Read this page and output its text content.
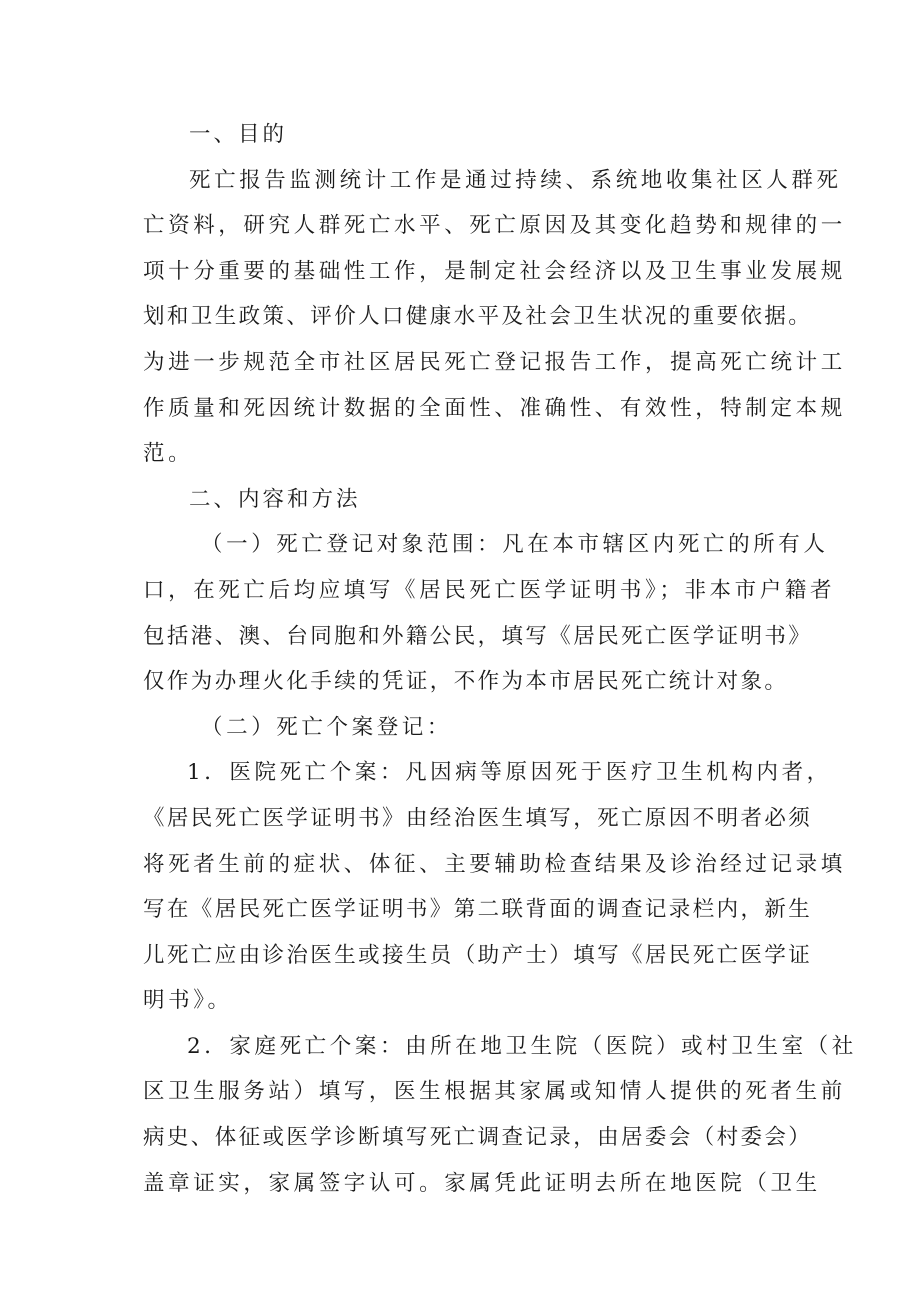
一、目的
死亡报告监测统计工作是通过持续、系统地收集社区人群死
亡资料，研究人群死亡水平、死亡原因及其变化趋势和规律的一
项十分重要的基础性工作，是制定社会经济以及卫生事业发展规
划和卫生政策、评价人口健康水平及社会卫生状况的重要依据。
为进一步规范全市社区居民死亡登记报告工作，提高死亡统计工
作质量和死因统计数据的全面性、准确性、有效性，特制定本规
范。
二、内容和方法
（一）死亡登记对象范围：凡在本市辖区内死亡的所有人
口，在死亡后均应填写《居民死亡医学证明书》；非本市户籍者
包括港、澳、台同胞和外籍公民，填写《居民死亡医学证明书》
仅作为办理火化手续的凭证，不作为本市居民死亡统计对象。
（二）死亡个案登记：
1．医院死亡个案：凡因病等原因死于医疗卫生机构内者，
《居民死亡医学证明书》由经治医生填写，死亡原因不明者必须
将死者生前的症状、体征、主要辅助检查结果及诊治经过记录填
写在《居民死亡医学证明书》第二联背面的调查记录栏内，新生
儿死亡应由诊治医生或接生员（助产士）填写《居民死亡医学证
明书》。
2．家庭死亡个案：由所在地卫生院（医院）或村卫生室（社
区卫生服务站）填写，医生根据其家属或知情人提供的死者生前
病史、体征或医学诊断填写死亡调查记录，由居委会（村委会）
盖章证实，家属签字认可。家属凭此证明去所在地医院（卫生
